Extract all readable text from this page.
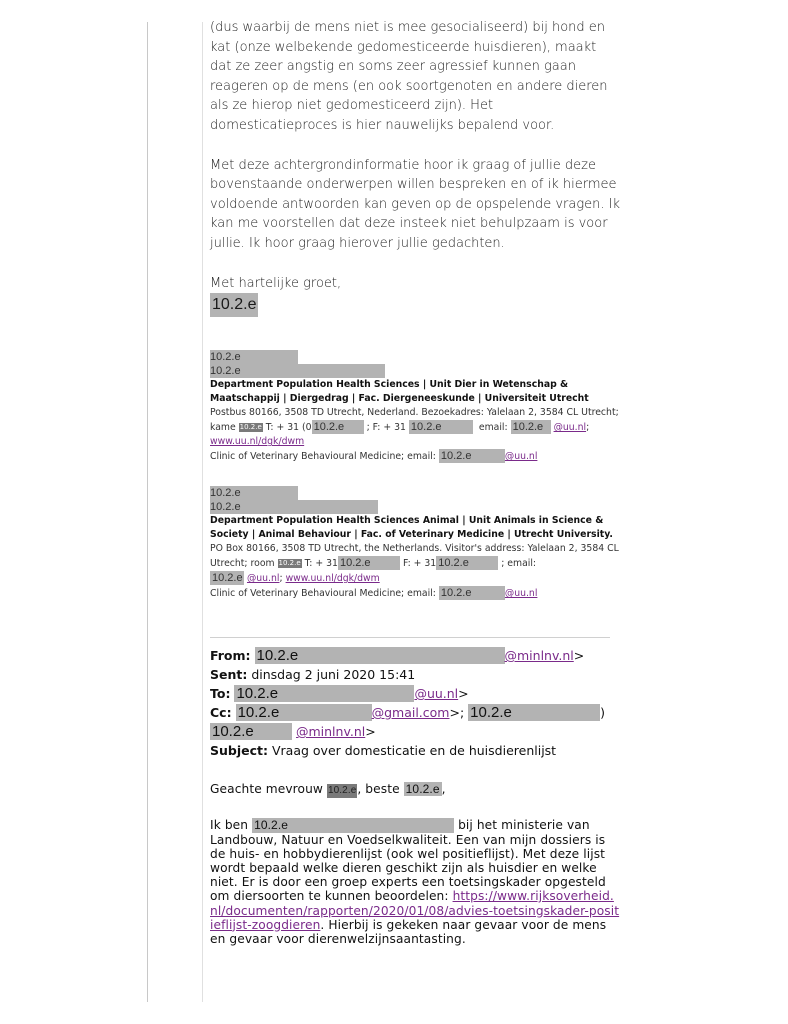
(dus waarbij de mens niet is mee gesocialiseerd) bij hond en kat (onze welbekende gedomesticeerde huisdieren), maakt dat ze zeer angstig en soms zeer agressief kunnen gaan reageren op de mens (en ook soortgenoten en andere dieren als ze hierop niet gedomesticeerd zijn). Het domesticatieproces is hier nauwelijks bepalend voor.

Met deze achtergrondinformatie hoor ik graag of jullie deze bovenstaande onderwerpen willen bespreken en of ik hiermee voldoende antwoorden kan geven op de opspelende vragen. Ik kan me voorstellen dat deze insteek niet behulpzaam is voor jullie. Ik hoor graag hierover jullie gedachten.

Met hartelijke groet,

10.2.e
10.2.e
10.2.e
Department Population Health Sciences | Unit Dier in Wetenschap & Maatschappij | Diergedrag | Fac. Diergeneeskunde | Universiteit Utrecht
Postbus 80166, 3508 TD Utrecht, Nederland. Bezoekadres: Yalelaan 2, 3584 CL Utrecht;
kame 10.2.e T: + 31 (0 10.2.e ; F: + 31 10.2.e	email: 10.2.e @uu.nl;
www.uu.nl/dgk/dwm
Clinic of Veterinary Behavioural Medicine; email: 10.2.e	@uu.nl
10.2.e
10.2.e
Department Population Health Sciences Animal | Unit Animals in Science & Society | Animal Behaviour | Fac. of Veterinary Medicine | Utrecht University.
PO Box 80166, 3508 TD Utrecht, the Netherlands. Visitor's address: Yalelaan 2, 3584 CL
Utrecht; room 10.2.e T: + 31 10.2.e	F: + 31 10.2.e	; email:
10.2.e @uu.nl; www.uu.nl/dgk/dwm
Clinic of Veterinary Behavioural Medicine; email: 10.2.e	@uu.nl
From: 10.2.e	@minlnv.nl>
Sent: dinsdag 2 juni 2020 15:41
To: 10.2.e	@uu.nl>
Cc: 10.2.e	@gmail.com>; 10.2.e	)
10.2.e	@minlnv.nl>
Subject: Vraag over domesticatie en de huisdierenlijst
Geachte mevrouw 10.2.e, beste 10.2.e ,
Ik ben 10.2.e	bij het ministerie van Landbouw, Natuur en Voedselkwaliteit. Een van mijn dossiers is de huis- en hobbydierenlijst (ook wel positieflijst). Met deze lijst wordt bepaald welke dieren geschikt zijn als huisdier en welke niet. Er is door een groep experts een toetsingskader opgesteld om diersoorten te kunnen beoordelen: https://www.rijksoverheid.nl/documenten/rapporten/2020/01/08/advies-toetsingskader-positieflijst-zoogdieren. Hierbij is gekeken naar gevaar voor de mens en gevaar voor dierenwelzijnsaantasting.
